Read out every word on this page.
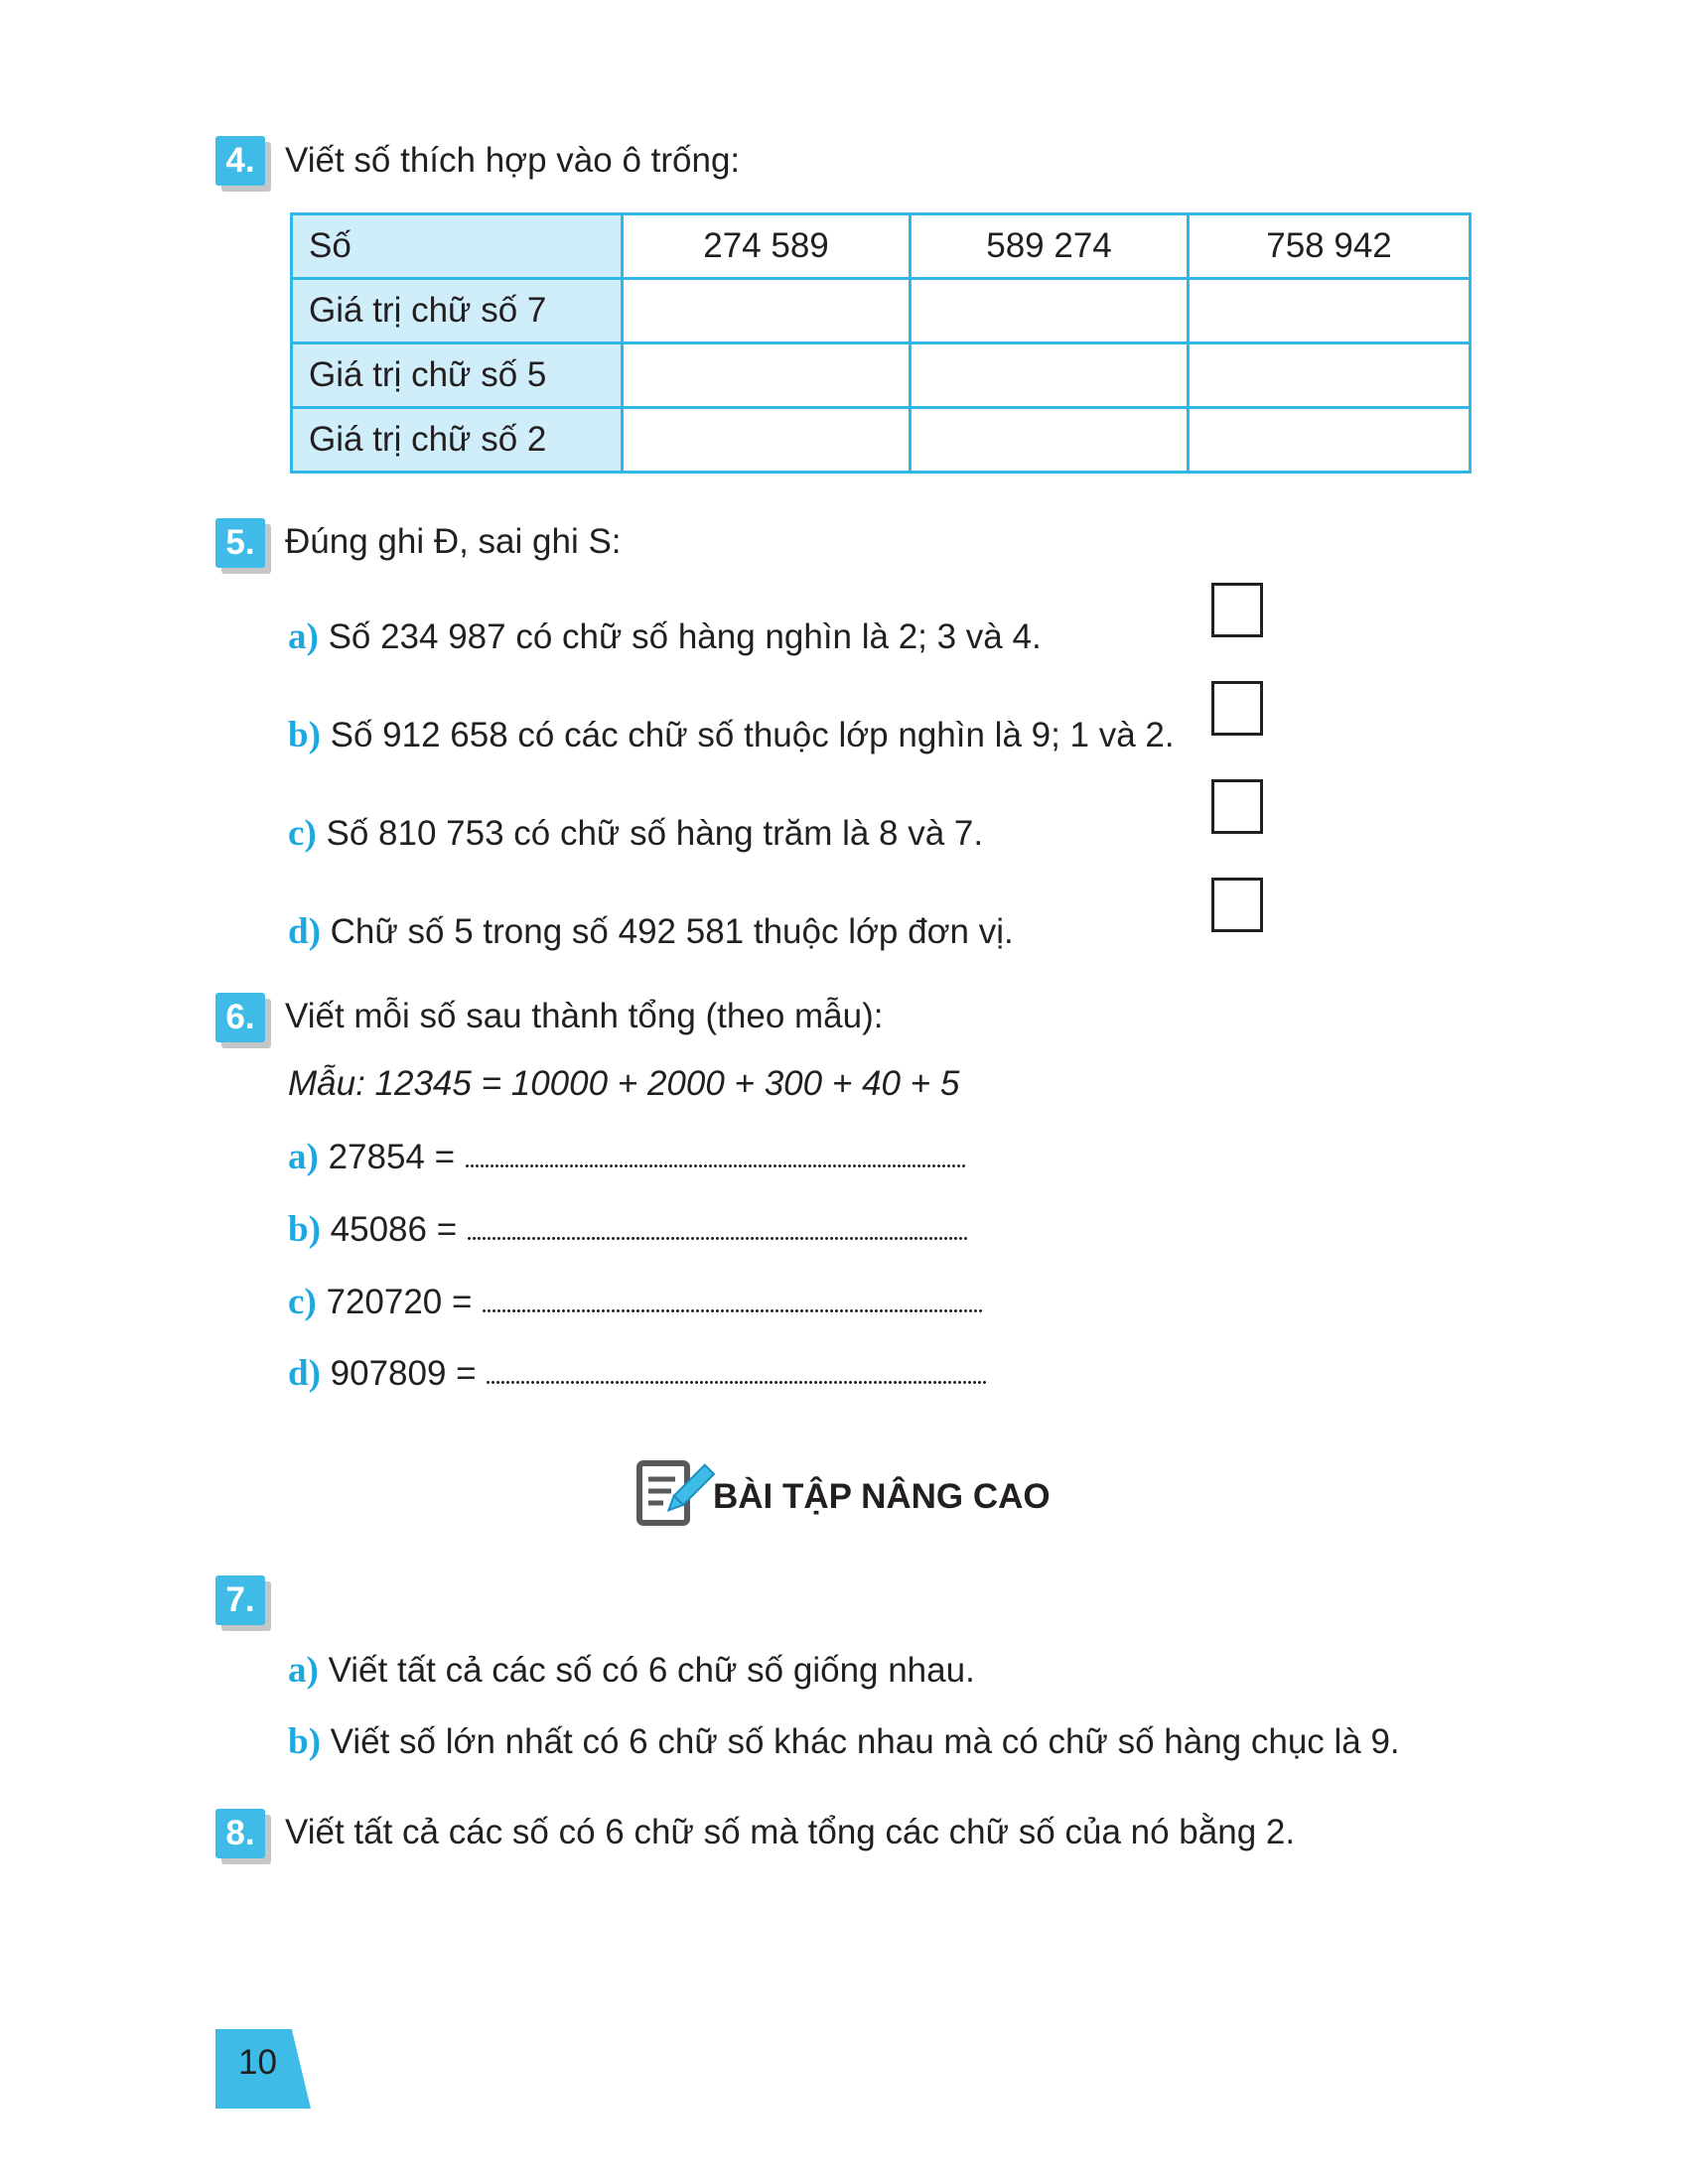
4. Viết số thích hợp vào ô trống:
Số	274 589	589 274	758 942
Giá trị chữ số 7			
Giá trị chữ số 5			
Giá trị chữ số 2			
5. Đúng ghi Đ, sai ghi S:
a) Số 234 987 có chữ số hàng nghìn là 2; 3 và 4.
b) Số 912 658 có các chữ số thuộc lớp nghìn là 9; 1 và 2.
c) Số 810 753 có chữ số hàng trăm là 8 và 7.
d) Chữ số 5 trong số 492 581 thuộc lớp đơn vị.
6. Viết mỗi số sau thành tổng (theo mẫu):
Mẫu: 12345 = 10000 + 2000 + 300 + 40 + 5
a) 27854 =
b) 45086 =
c) 720720 =
d) 907809 =
BÀI TẬP NÂNG CAO
7.
a) Viết tất cả các số có 6 chữ số giống nhau.
b) Viết số lớn nhất có 6 chữ số khác nhau mà có chữ số hàng chục là 9.
8. Viết tất cả các số có 6 chữ số mà tổng các chữ số của nó bằng 2.
10
